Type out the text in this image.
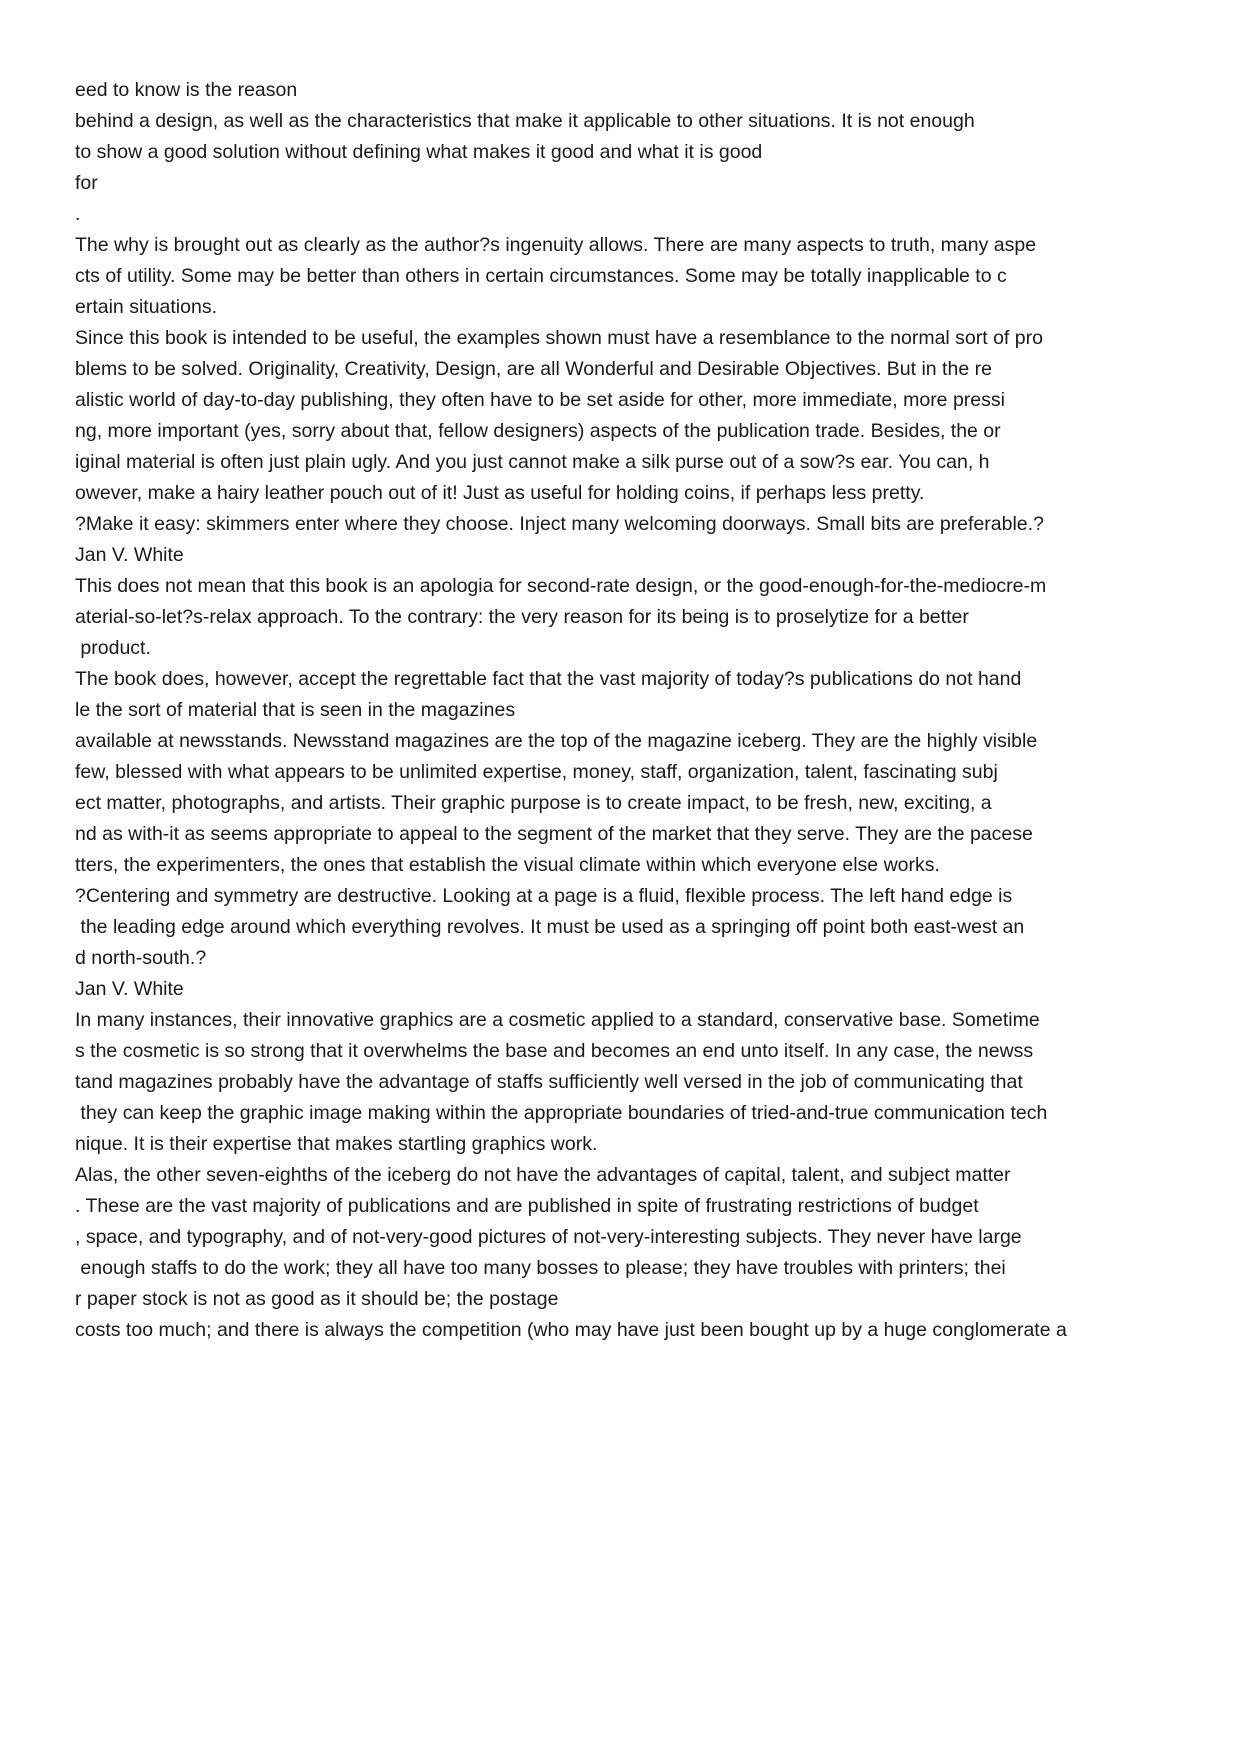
eed to know is the reason
behind a design, as well as the characteristics that make it applicable to other situations. It is not enough
to show a good solution without defining what makes it good and what it is good
for
.
The why is brought out as clearly as the author?s ingenuity allows. There are many aspects to truth, many aspe
cts of utility. Some may be better than others in certain circumstances. Some may be totally inapplicable to c
ertain situations.
Since this book is intended to be useful, the examples shown must have a resemblance to the normal sort of pro
blems to be solved. Originality, Creativity, Design, are all Wonderful and Desirable Objectives. But in the re
alistic world of day-to-day publishing, they often have to be set aside for other, more immediate, more pressi
ng, more important (yes, sorry about that, fellow designers) aspects of the publication trade. Besides, the or
iginal material is often just plain ugly. And you just cannot make a silk purse out of a sow?s ear. You can, h
owever, make a hairy leather pouch out of it! Just as useful for holding coins, if perhaps less pretty.
?Make it easy: skimmers enter where they choose. Inject many welcoming doorways. Small bits are preferable.?
Jan V. White
This does not mean that this book is an apologia for second-rate design, or the good-enough-for-the-mediocre-m
aterial-so-let?s-relax approach. To the contrary: the very reason for its being is to proselytize for a better
product.
The book does, however, accept the regrettable fact that the vast majority of today?s publications do not hand
le the sort of material that is seen in the magazines
available at newsstands. Newsstand magazines are the top of the magazine iceberg. They are the highly visible
few, blessed with what appears to be unlimited expertise, money, staff, organization, talent, fascinating subj
ect matter, photographs, and artists. Their graphic purpose is to create impact, to be fresh, new, exciting, a
nd as with-it as seems appropriate to appeal to the segment of the market that they serve. They are the pacese
tters, the experimenters, the ones that establish the visual climate within which everyone else works.
?Centering and symmetry are destructive. Looking at a page is a fluid, flexible process. The left hand edge is
the leading edge around which everything revolves. It must be used as a springing off point both east-west an
d north-south.?
Jan V. White
In many instances, their innovative graphics are a cosmetic applied to a standard, conservative base. Sometime
s the cosmetic is so strong that it overwhelms the base and becomes an end unto itself. In any case, the newss
tand magazines probably have the advantage of staffs sufficiently well versed in the job of communicating that
they can keep the graphic image making within the appropriate boundaries of tried-and-true communication tech
nique. It is their expertise that makes startling graphics work.
Alas, the other seven-eighths of the iceberg do not have the advantages of capital, talent, and subject matter
. These are the vast majority of publications and are published in spite of frustrating restrictions of budget
, space, and typography, and of not-very-good pictures of not-very-interesting subjects. They never have large
enough staffs to do the work; they all have too many bosses to please; they have troubles with printers; thei
r paper stock is not as good as it should be; the postage
costs too much; and there is always the competition (who may have just been bought up by a huge conglomerate a
